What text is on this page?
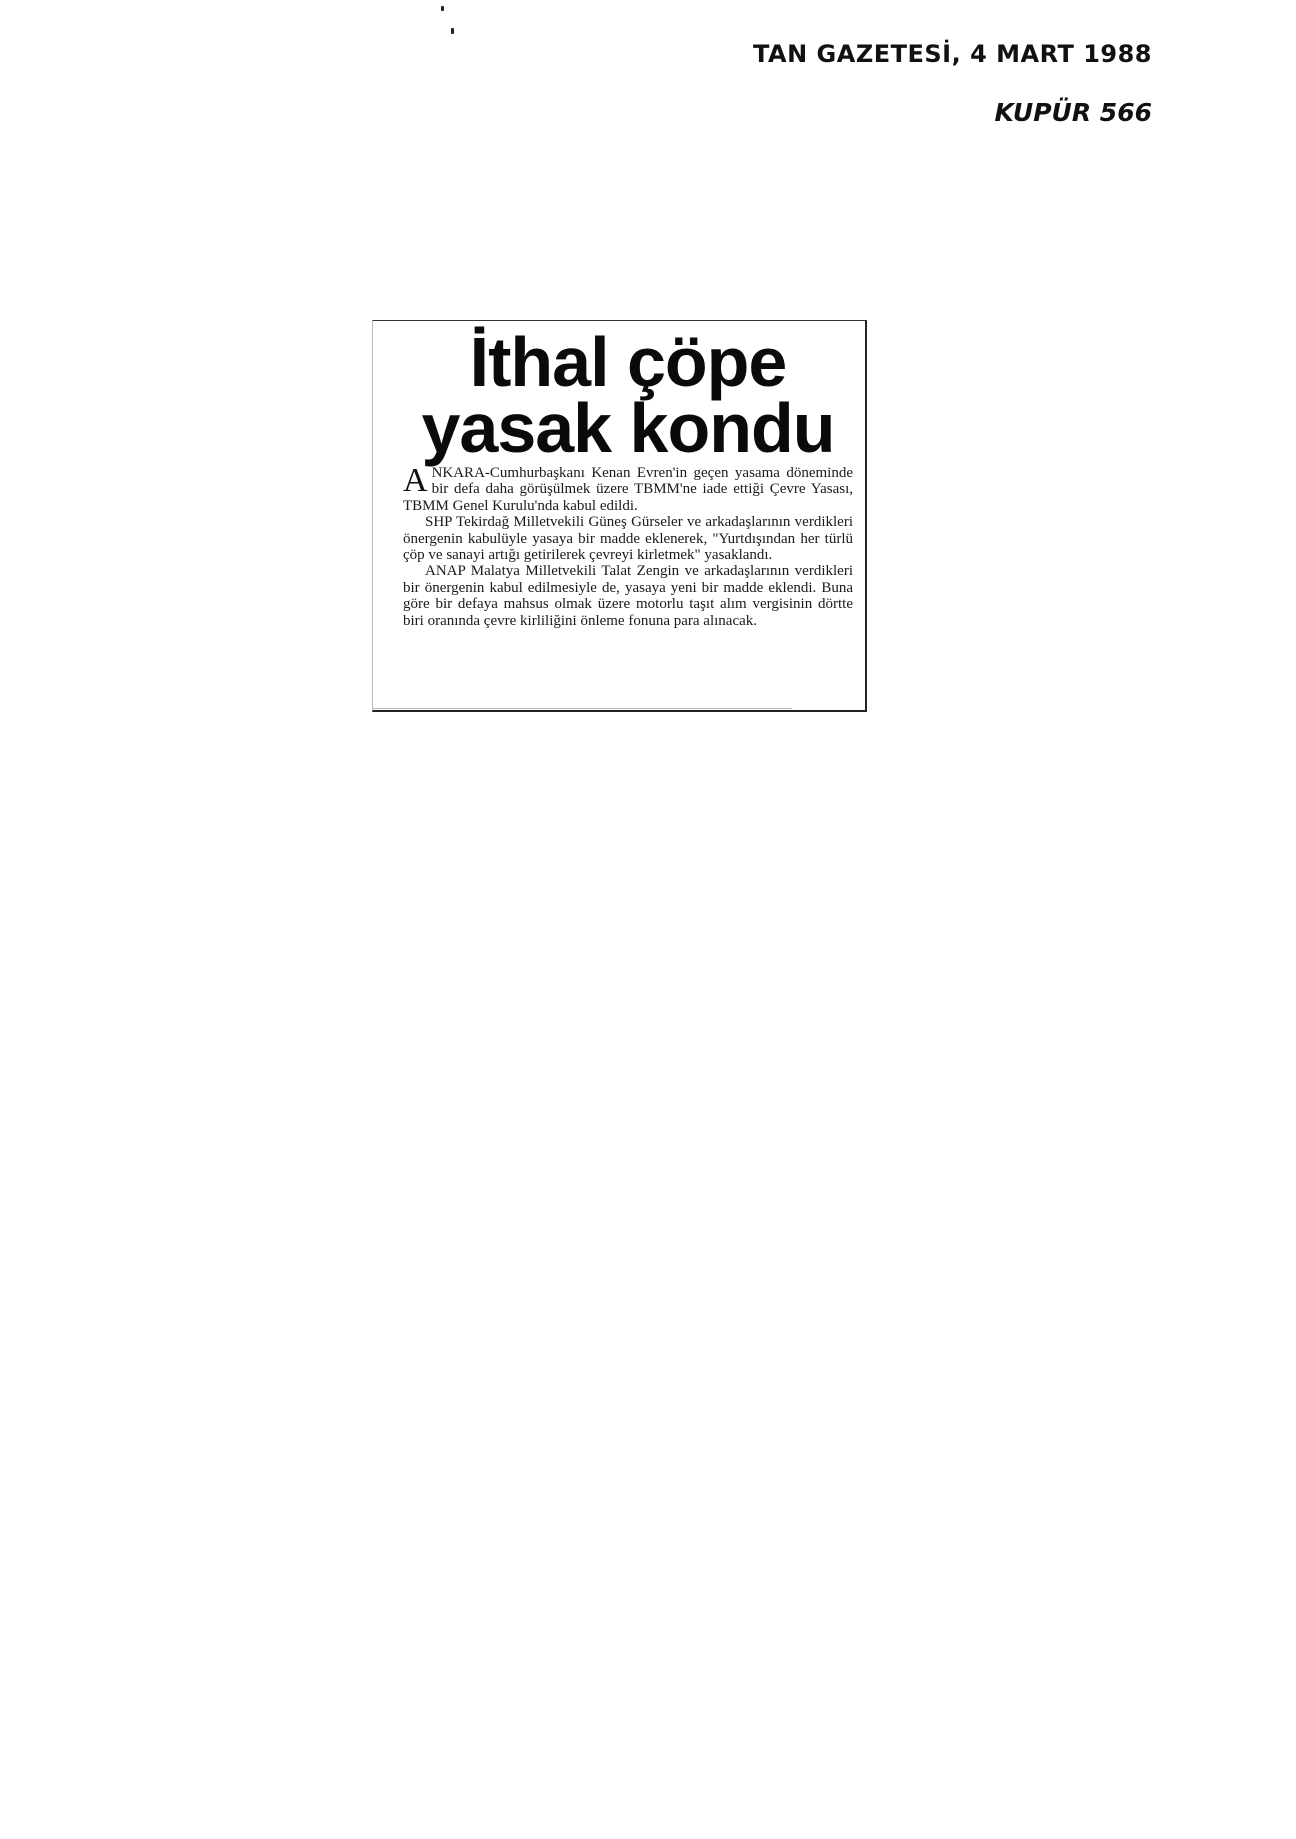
TAN GAZETESİ, 4 MART 1988
KUPÜR 566
İthal çöpe
yasak kondu

ANKARA-Cumhurbaşkanı Kenan Evren'in geçen yasama döneminde bir defa daha görüşülmek üzere TBMM'ne iade ettiği Çevre Yasası, TBMM Genel Kurulu'nda kabul edildi.

SHP Tekirdağ Milletvekili Güneş Gürseler ve arkadaşlarının verdikleri önergenin kabulüyle yasaya bir madde eklenerek, "Yurtdışından her türlü çöp ve sanayi artığı getirilerek çevreyi kirletmek" yasaklandı.

ANAP Malatya Milletvekili Talat Zengin ve arkadaşlarının verdikleri bir önergenin kabul edilmesiyle de, yasaya yeni bir madde eklendi. Buna göre bir defaya mahsus olmak üzere motorlu taşıt alım vergisinin dörtte biri oranında çevre kirliliğini önleme fonuna para alınacak.
